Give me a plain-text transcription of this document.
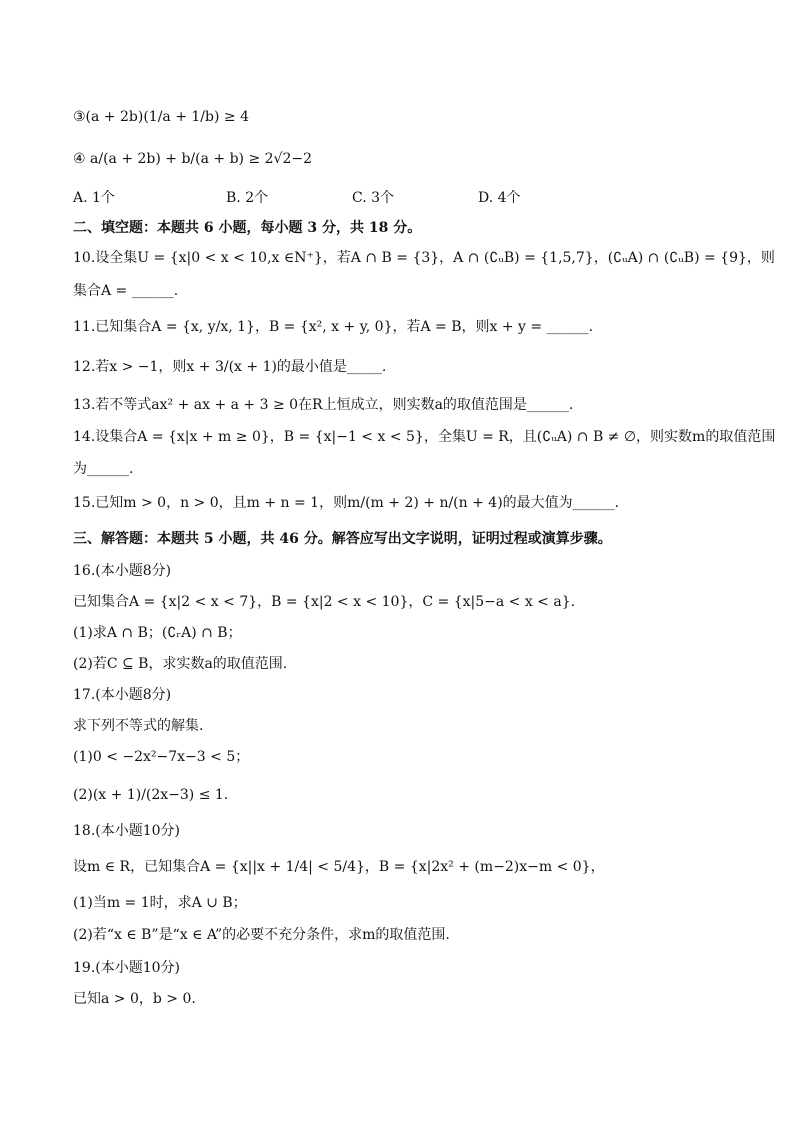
③(a + 2b)(1/a + 1/b) ≥ 4
④ a/(a + 2b) + b/(a + b) ≥ 2√2−2
A. 1个	B. 2个	C. 3个	D. 4个
二、填空题：本题共 6 小题，每小题 3 分，共 18 分。
10.设全集U = {x|0 < x < 10,x ∈N⁺}，若A ∩ B = {3}，A ∩ (∁ᵤB) = {1,5,7}，(∁ᵤA) ∩ (∁ᵤB) = {9}，则
集合A = ______.
11.已知集合A = {x, y/x, 1}，B = {x², x + y, 0}，若A = B，则x + y = ______.
12.若x > −1，则x + 3/(x + 1)的最小值是_____.
13.若不等式ax² + ax + a + 3 ≥ 0在R上恒成立，则实数a的取值范围是______.
14.设集合A = {x|x + m ≥ 0}，B = {x|−1 < x < 5}，全集U = R，且(∁ᵤA) ∩ B ≠ ∅，则实数m的取值范围
为______.
15.已知m > 0，n > 0，且m + n = 1，则m/(m + 2) + n/(n + 4)的最大值为______.
三、解答题：本题共 5 小题，共 46 分。解答应写出文字说明，证明过程或演算步骤。
16.(本小题8分)
已知集合A = {x|2 < x < 7}，B = {x|2 < x < 10}，C = {x|5−a < x < a}.
(1)求A ∩ B；(∁ᵣA) ∩ B；
(2)若C ⊆ B，求实数a的取值范围.
17.(本小题8分)
求下列不等式的解集.
(1)0 < −2x²−7x−3 < 5；
(2)(x + 1)/(2x−3) ≤ 1.
18.(本小题10分)
设m ∈ R，已知集合A = {x||x + 1/4| < 5/4}，B = {x|2x² + (m−2)x−m < 0}，
(1)当m = 1时，求A ∪ B；
(2)若“x ∈ B”是“x ∈ A”的必要不充分条件，求m的取值范围.
19.(本小题10分)
已知a > 0，b > 0.
